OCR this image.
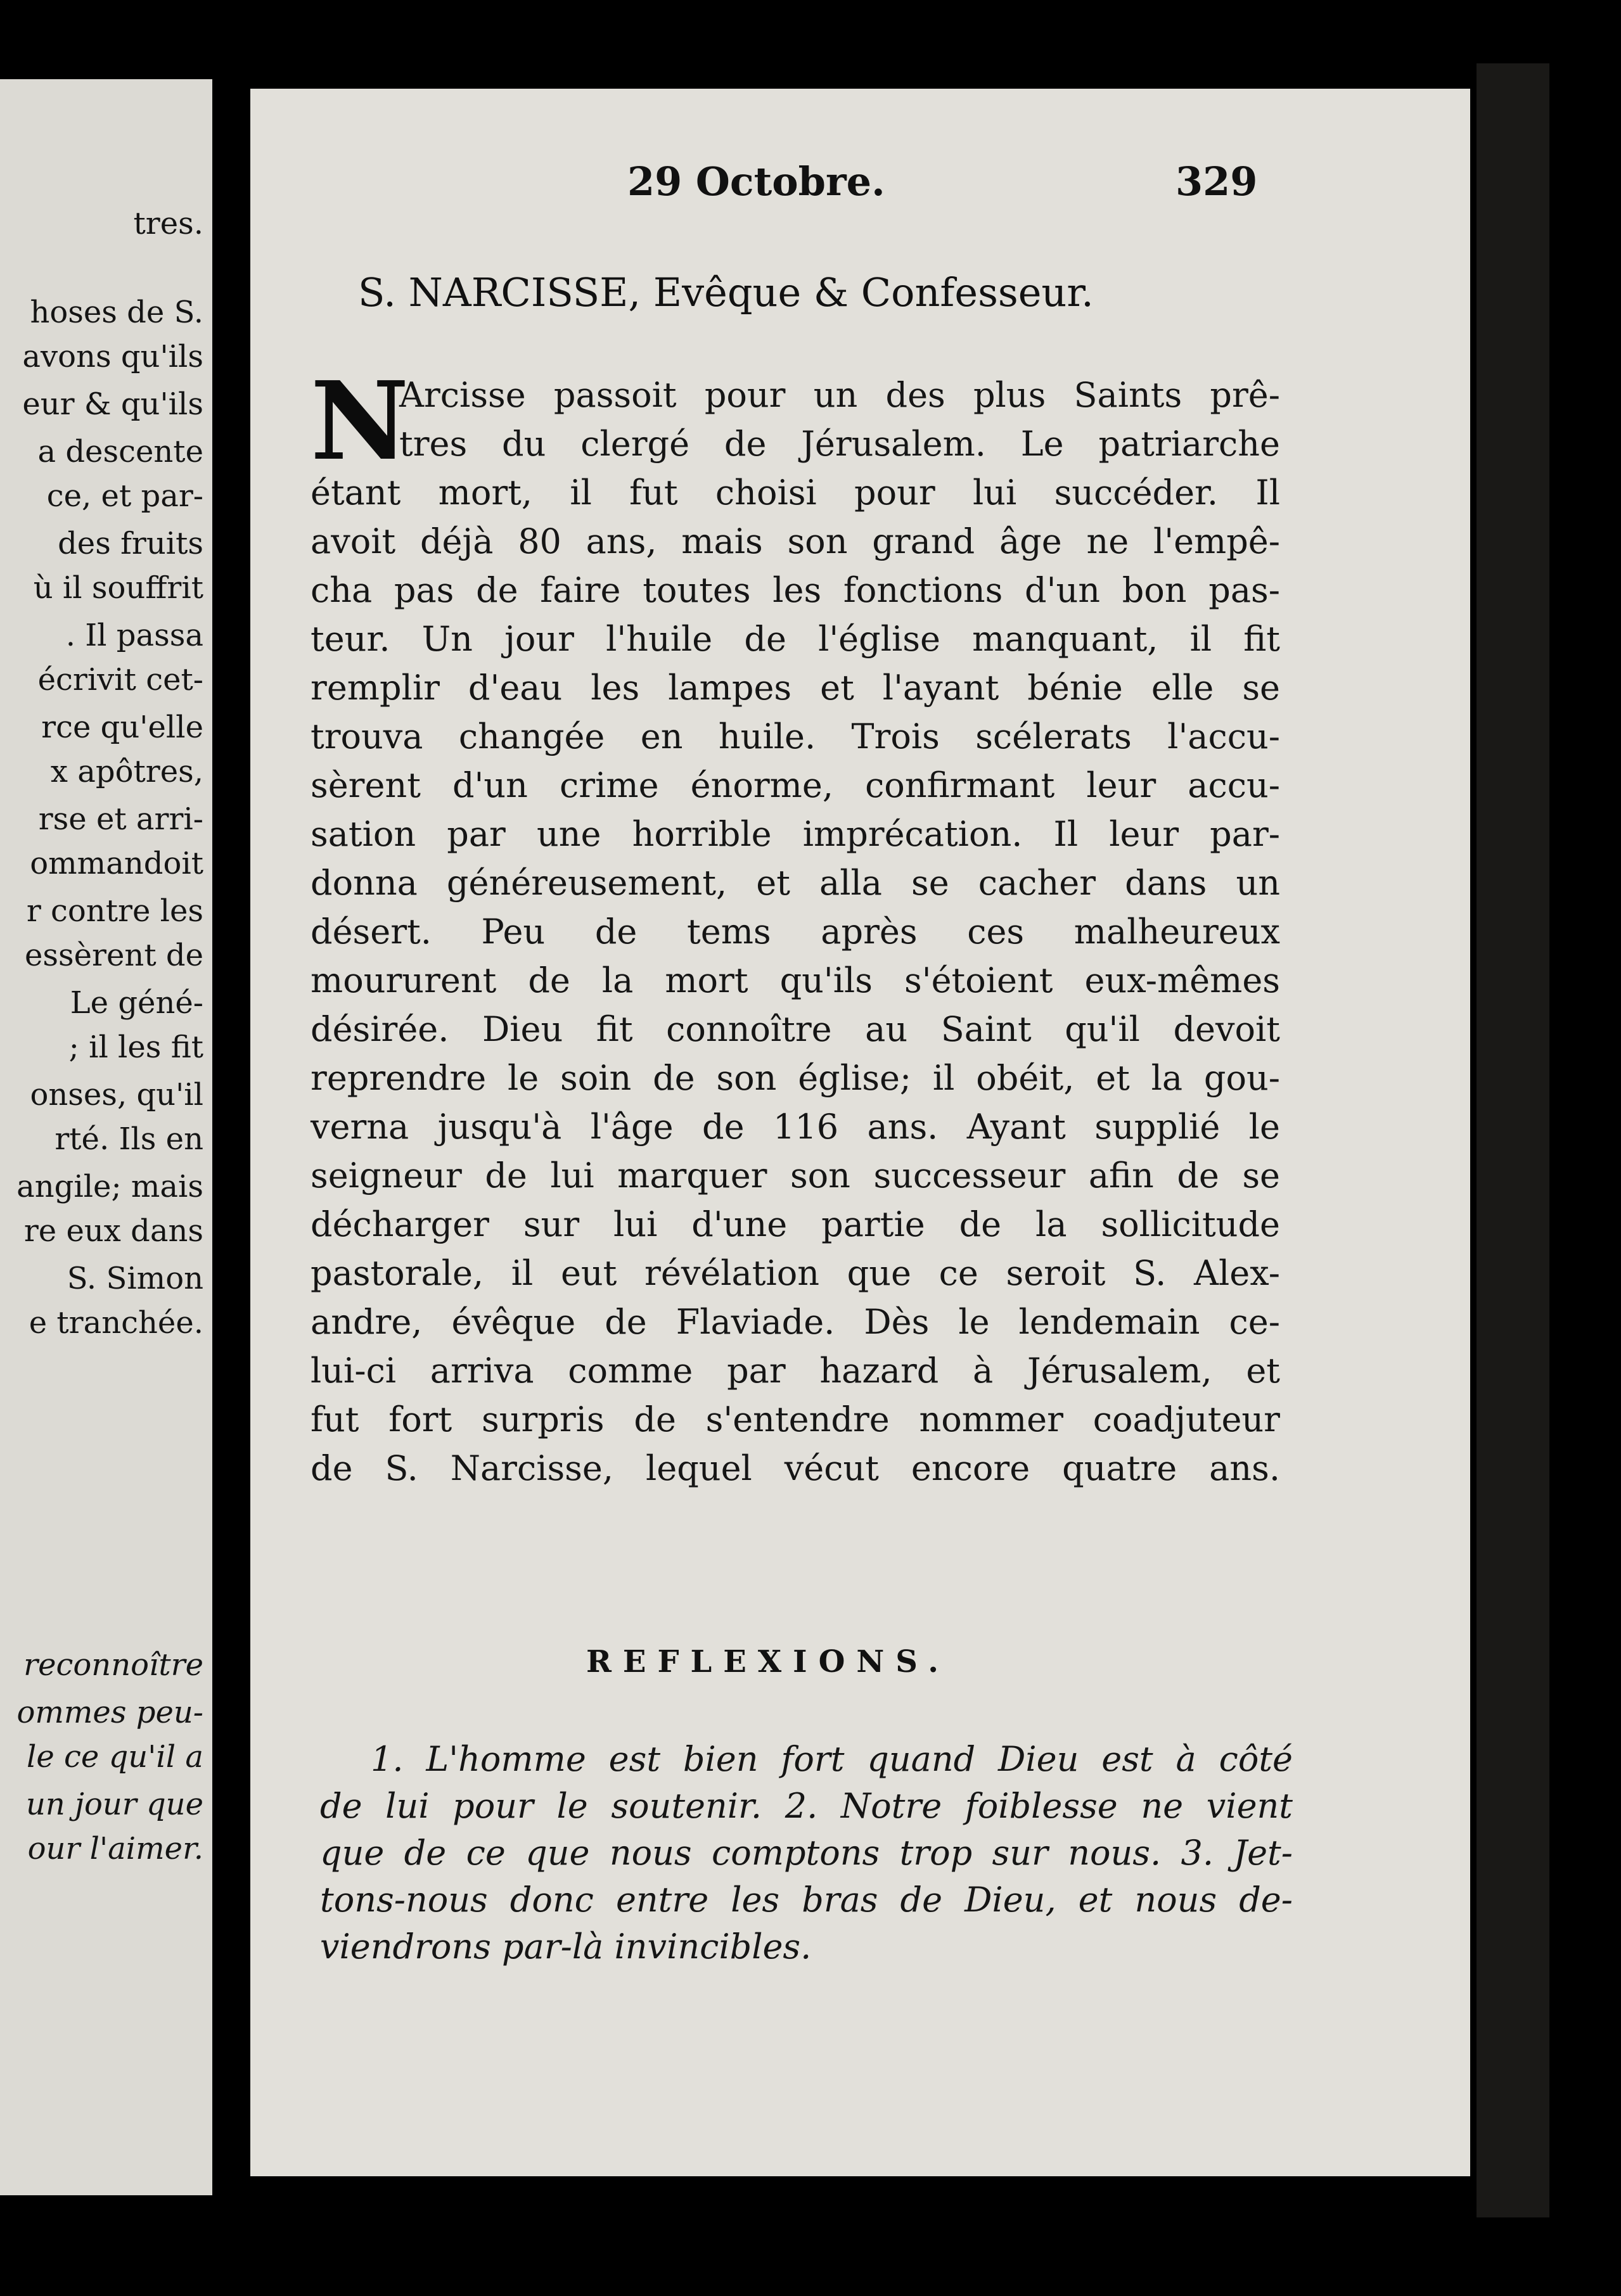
tres.
hoses de S.
avons qu'ils
eur & qu'ils
a descente
ce, et par-
des fruits
ù il souffrit
. Il passa
écrivit cet-
rce qu'elle
x apôtres,
rse et arri-
ommandoit
r contre les
essèrent de
Le géné-
; il les fit
onses, qu'il
rté. Ils en
angile; mais
re eux dans
S. Simon
e tranchée.
reconnoître
ommes peu-
le ce qu'il a
un jour que
our l'aimer.
29 Octobre.	329
S. NARCISSE, Evêque & Confesseur.
N
Arcisse passoit pour un des plus Saints prê-
tres du clergé de Jérusalem. Le patriarche
étant mort, il fut choisi pour lui succéder. Il
avoit déjà 80 ans, mais son grand âge ne l'empê-
cha pas de faire toutes les fonctions d'un bon pas-
teur. Un jour l'huile de l'église manquant, il fit
remplir d'eau les lampes et l'ayant bénie elle se
trouva changée en huile. Trois scélerats l'accu-
sèrent d'un crime énorme, confirmant leur accu-
sation par une horrible imprécation. Il leur par-
donna généreusement, et alla se cacher dans un
désert. Peu de tems après ces malheureux
moururent de la mort qu'ils s'étoient eux-mêmes
désirée. Dieu fit connoître au Saint qu'il devoit
reprendre le soin de son église; il obéit, et la gou-
verna jusqu'à l'âge de 116 ans. Ayant supplié le
seigneur de lui marquer son successeur afin de se
décharger sur lui d'une partie de la sollicitude
pastorale, il eut révélation que ce seroit S. Alex-
andre, évêque de Flaviade. Dès le lendemain ce-
lui-ci arriva comme par hazard à Jérusalem, et
fut fort surpris de s'entendre nommer coadjuteur
de S. Narcisse, lequel vécut encore quatre ans.
REFLEXIONS.
1. L'homme est bien fort quand Dieu est à côté
de lui pour le soutenir. 2. Notre foiblesse ne vient
que de ce que nous comptons trop sur nous. 3. Jet-
tons-nous donc entre les bras de Dieu, et nous de-
viendrons par-là invincibles.
